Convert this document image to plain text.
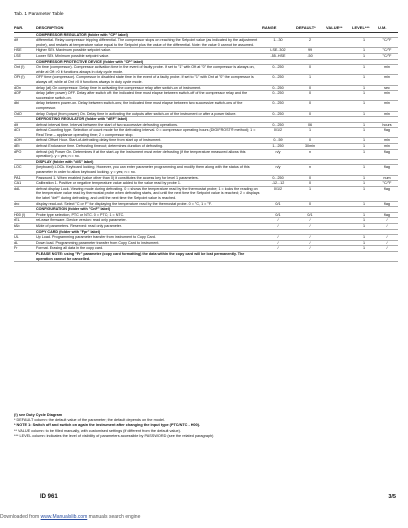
Tab. 1 Parameter Table
PAR.	DESCRIPTION	RANGE	DEFAULT*	VALUE**	LEVEL***	U.M.
	COMPRESSOR REGULATOR (folder with "CP" label)					
dif	differential. Relay compressor tripping differential. The compressor stops on reaching the Setpoint value (as indicated by the adjustment probe), and restarts at temperature value equal to the Setpoint plus the value of the differential. Note: the value 0 cannot be assumed.	1...30	2		1	°C/°F
HSE	Higher SEt. Maximum possible setpoint value.	LSE..302	99		1	°C/°F
LSE	Lower SEt. Minimum possible setpoint value.	-55..HSE	-50		1	°C/°F
	COMPRESSOR PROTECTIVE DEVICE (folder with "CP" label)					
Ont (!)	On time (compressor). Compressor activation time in the event of faulty probe. If set to "1" with Oft at "0" the compressor is always on, while at Oft >0 it functions always in duty cycle mode.	0...250	0		1	min
OFt (!)	OFF time (compressor). Compressor in disabled state time in the event of a faulty probe. If set to "1" with Ont at "0" the compressor is always off, while at Ont >0 it functions always in duty cycle mode.	0...250	1		1	min
dOn	delay (at) On compressor. Delay time in activating the compressor relay after switch-on of instrument.	0...250	0		1	sec
dOF	delay (after power) OFF. Delay after switch off: the indicated time must elapse between switch-off of the compressor relay and the successive switch-on.	0...250	0		1	min
dbi	delay between power-on. Delay between switch-ons; the indicated time must elapse between two successive switch-ons of the compressor.	0...250	0		1	min
OdO	delay Output (from power) On. Delay time in activating the outputs after switch-on of the instrument or after a power failure.	0...250	0		1	min
	DEFROSTING REGULATOR (folder with "dEF" label)					
dit	defrost interval time. Interval between the start of two successive defrosting operations.	0...250	06		1	hours
dCt	defrost Counting type. Selection of count mode for the defrosting interval. 0 = compressor operating hours (DIGIFROST® method); 1 = Real Time – appliance operating time; 2 = compressor stop.	0/1/2	1		1	flag
dOH	defrost Offset Hour. Start-of-defrosting delay time from start up of instrument.	0...59	0		1	min
dEt	defrost Endurance time. Defrosting timeout; determines duration of defrosting.	1...250	30min		1	min
dPO	defrost (at) Power On. Determines if at the start-up the instrument must enter defrosting (if the temperature measured allows this operation). y = yes; n = no.	n/y	n		1	flag
	DISPLAY (folder with "diS" label)					
LOC	(keyboard) LOCk. Keyboard locking. However, you can enter parameter programming and modify them along with the status of this parameter in order to allow keyboard locking. y = yes; n = no.	n/y	n		1	flag
PA1	Password 1. When enabled (value other than 0) it constitutes the access key for level 1 parameters.	0...250	0		1	num
CA1	Calibration 1. Positive or negative temperature value added to the value read by probe 1.	-12...12	0		1	°C/°F
ddL	defrost display Lock. Viewing mode during defrosting. 0 = shows the temperature read by the thermostat probe; 1 = locks the reading on the temperature value read by thermostat probe when defrosting starts, and until the next time the Setpoint value is reached; 2 = displays the label "deF" during defrosting, and until the next time the Setpoint value is reached.	0/1/2	1		1	flag
dro	display read-out. Select "C or F" for displaying the temperature read by the thermostat probe. 0 = °C, 1 = °F.	0/1	0		1	flag
	CONFIGURATION (folder with "CnF" label)					
H00 (!)	Probe type selection, PTC or NTC. 0 = PTC; 1 = NTC.	0/1	0/1		1	flag
rEL	reLease firmware. Device version: read only parameter.	/	/		1	/
tAb	tAble of parameters. Reserved: read only parameter.	/	/		1	/
	COPY CARD (folder with "Fpr" label)					
UL	Up Load. Programming parameter transfer from instrument to Copy Card.	/	/		1	/
dL	Down load. Programming parameter transfer from Copy Card to instrument.	/	/		1	/
Fr	Format. Erasing all data in the copy card.	/	/		1	/
	PLEASE NOTE: using "Fr" parameter (copy card formatting) the data within the copy card will be lost permanently. The operation cannot be cancelled.					
(!) see Duty Cycle Diagram
* DEFAULT column: the default value of the parameter; the default depends on the model.
* NOTE 1: Switch off and switch on again the instrument after changing the input type (PTC/NTC - H00).
** VALUE column: to be filled manually, with customised settings (if different from the default value).
*** LEVEL column: indicates the level of visibility of parameters accessible by PASSWORD (see the related paragraph)
ID 961	3/5
Downloaded from www.Manualslib.com manuals search engine
